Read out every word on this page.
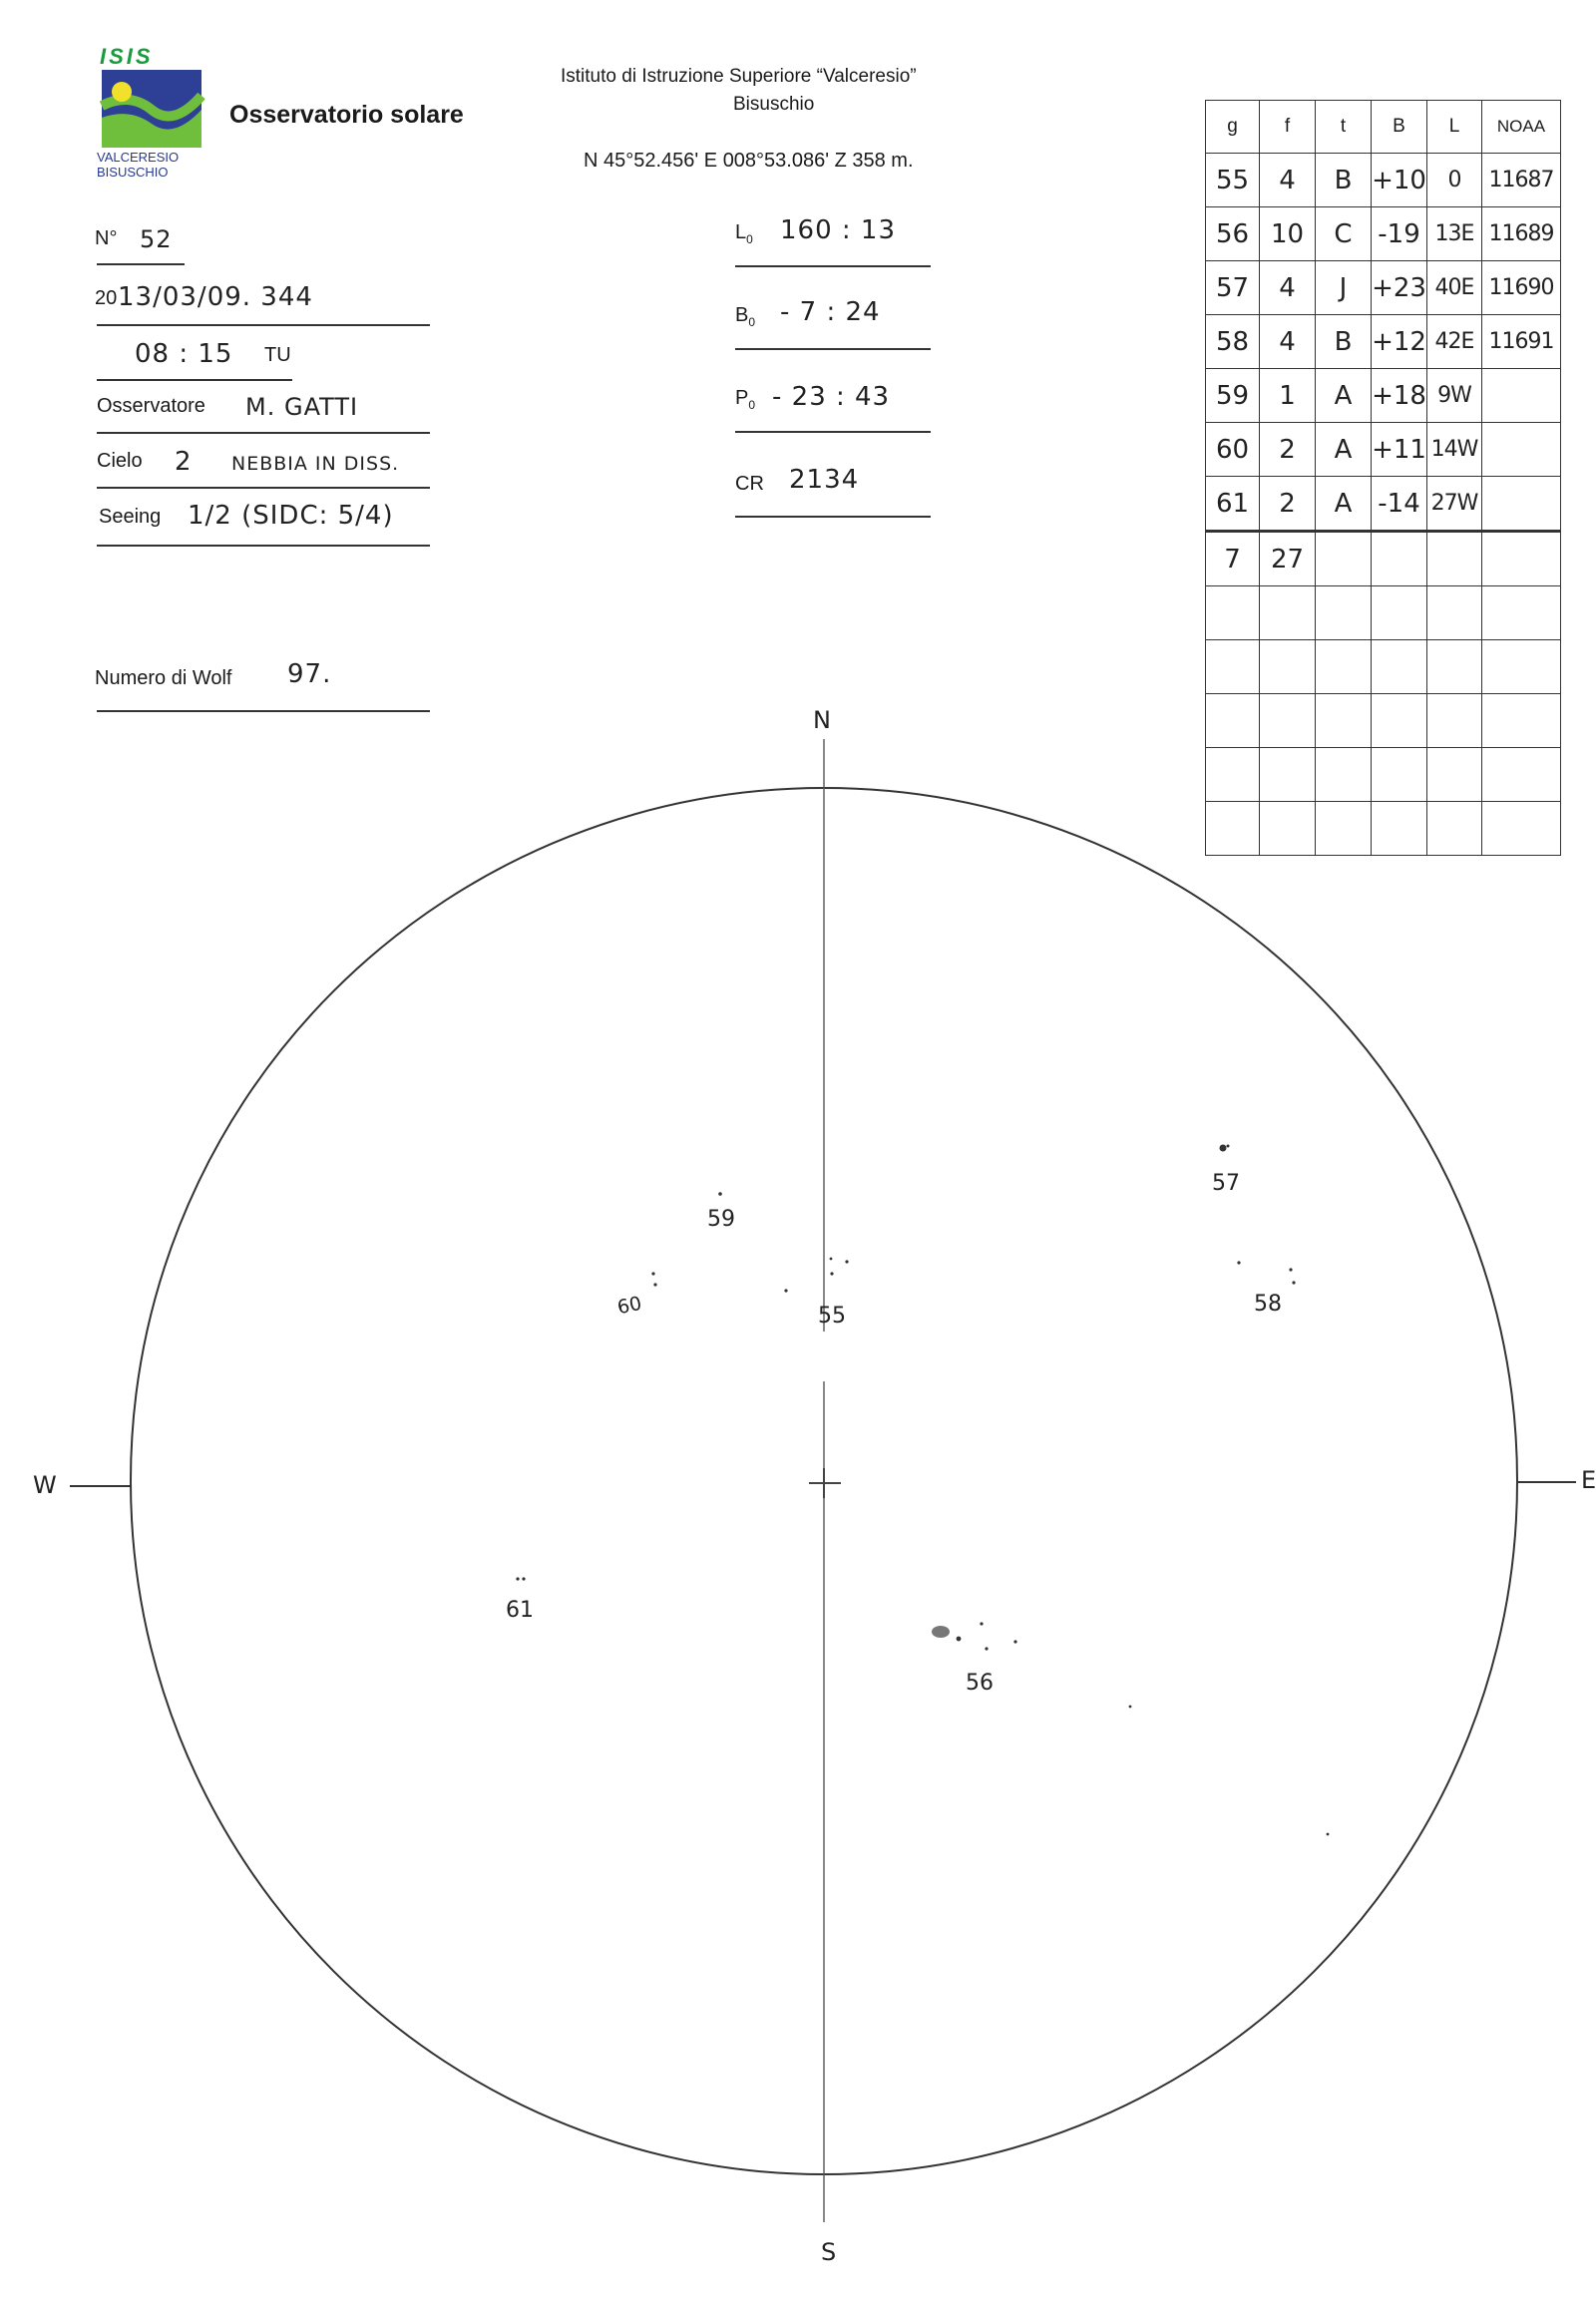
ISIS
VALCERESIO
BISUSCHIO
Osservatorio solare
Istituto di Istruzione Superiore “Valceresio”
Bisuschio
N 45°52.456' E 008°53.086' Z 358 m.
N° 52
20 13/03/09. 344
08 : 15 TU
Osservatore M. GATTI
Cielo 2 NEBBIA IN DISS.
Seeing 1/2 (SIDC: 5/4)
Numero di Wolf 97.
$L_0$ 160 : 13
$B_0 - 7$ : 24
$P_0 - 23$ : 43
CR 2134
g	f	t	B	L	NOAA
55	4	B	+10	0	11687
56	10	C	-19	13E	11689
57	4	J	+23	40E	11690
58	4	B	+12	42E	11691
59	1	A	+18	9W	
60	2	A	+11	14W	
61	2	A	-14	27W	
7	27				

N
S
W	E
55
56
57
58
59
60
61
